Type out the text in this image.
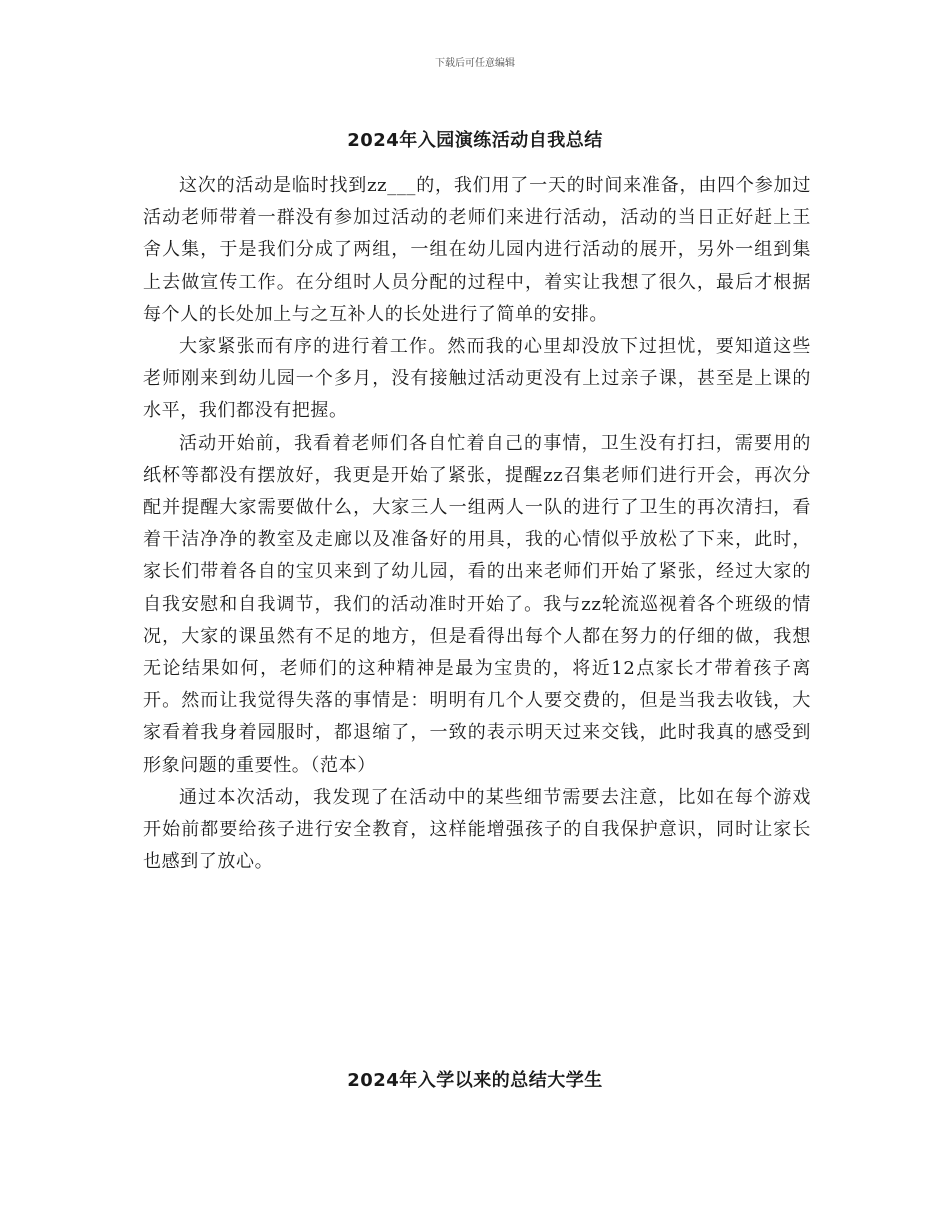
下载后可任意编辑
2024年入园演练活动自我总结

这次的活动是临时找到zz___的，我们用了一天的时间来准备，由四个参加过活动老师带着一群没有参加过活动的老师们来进行活动，活动的当日正好赶上王舍人集，于是我们分成了两组，一组在幼儿园内进行活动的展开，另外一组到集上去做宣传工作。在分组时人员分配的过程中，着实让我想了很久，最后才根据每个人的长处加上与之互补人的长处进行了简单的安排。

大家紧张而有序的进行着工作。然而我的心里却没放下过担忧，要知道这些老师刚来到幼儿园一个多月，没有接触过活动更没有上过亲子课，甚至是上课的水平，我们都没有把握。

活动开始前，我看着老师们各自忙着自己的事情，卫生没有打扫，需要用的纸杯等都没有摆放好，我更是开始了紧张，提醒zz召集老师们进行开会，再次分配并提醒大家需要做什么，大家三人一组两人一队的进行了卫生的再次清扫，看着干洁净净的教室及走廊以及准备好的用具，我的心情似乎放松了下来，此时，家长们带着各自的宝贝来到了幼儿园，看的出来老师们开始了紧张，经过大家的自我安慰和自我调节，我们的活动准时开始了。我与zz轮流巡视着各个班级的情况，大家的课虽然有不足的地方，但是看得出每个人都在努力的仔细的做，我想无论结果如何，老师们的这种精神是最为宝贵的，将近12点家长才带着孩子离开。然而让我觉得失落的事情是：明明有几个人要交费的，但是当我去收钱，大家看着我身着园服时，都退缩了，一致的表示明天过来交钱，此时我真的感受到形象问题的重要性。（范本）

通过本次活动，我发现了在活动中的某些细节需要去注意，比如在每个游戏开始前都要给孩子进行安全教育，这样能增强孩子的自我保护意识，同时让家长也感到了放心。

2024年入学以来的总结大学生
